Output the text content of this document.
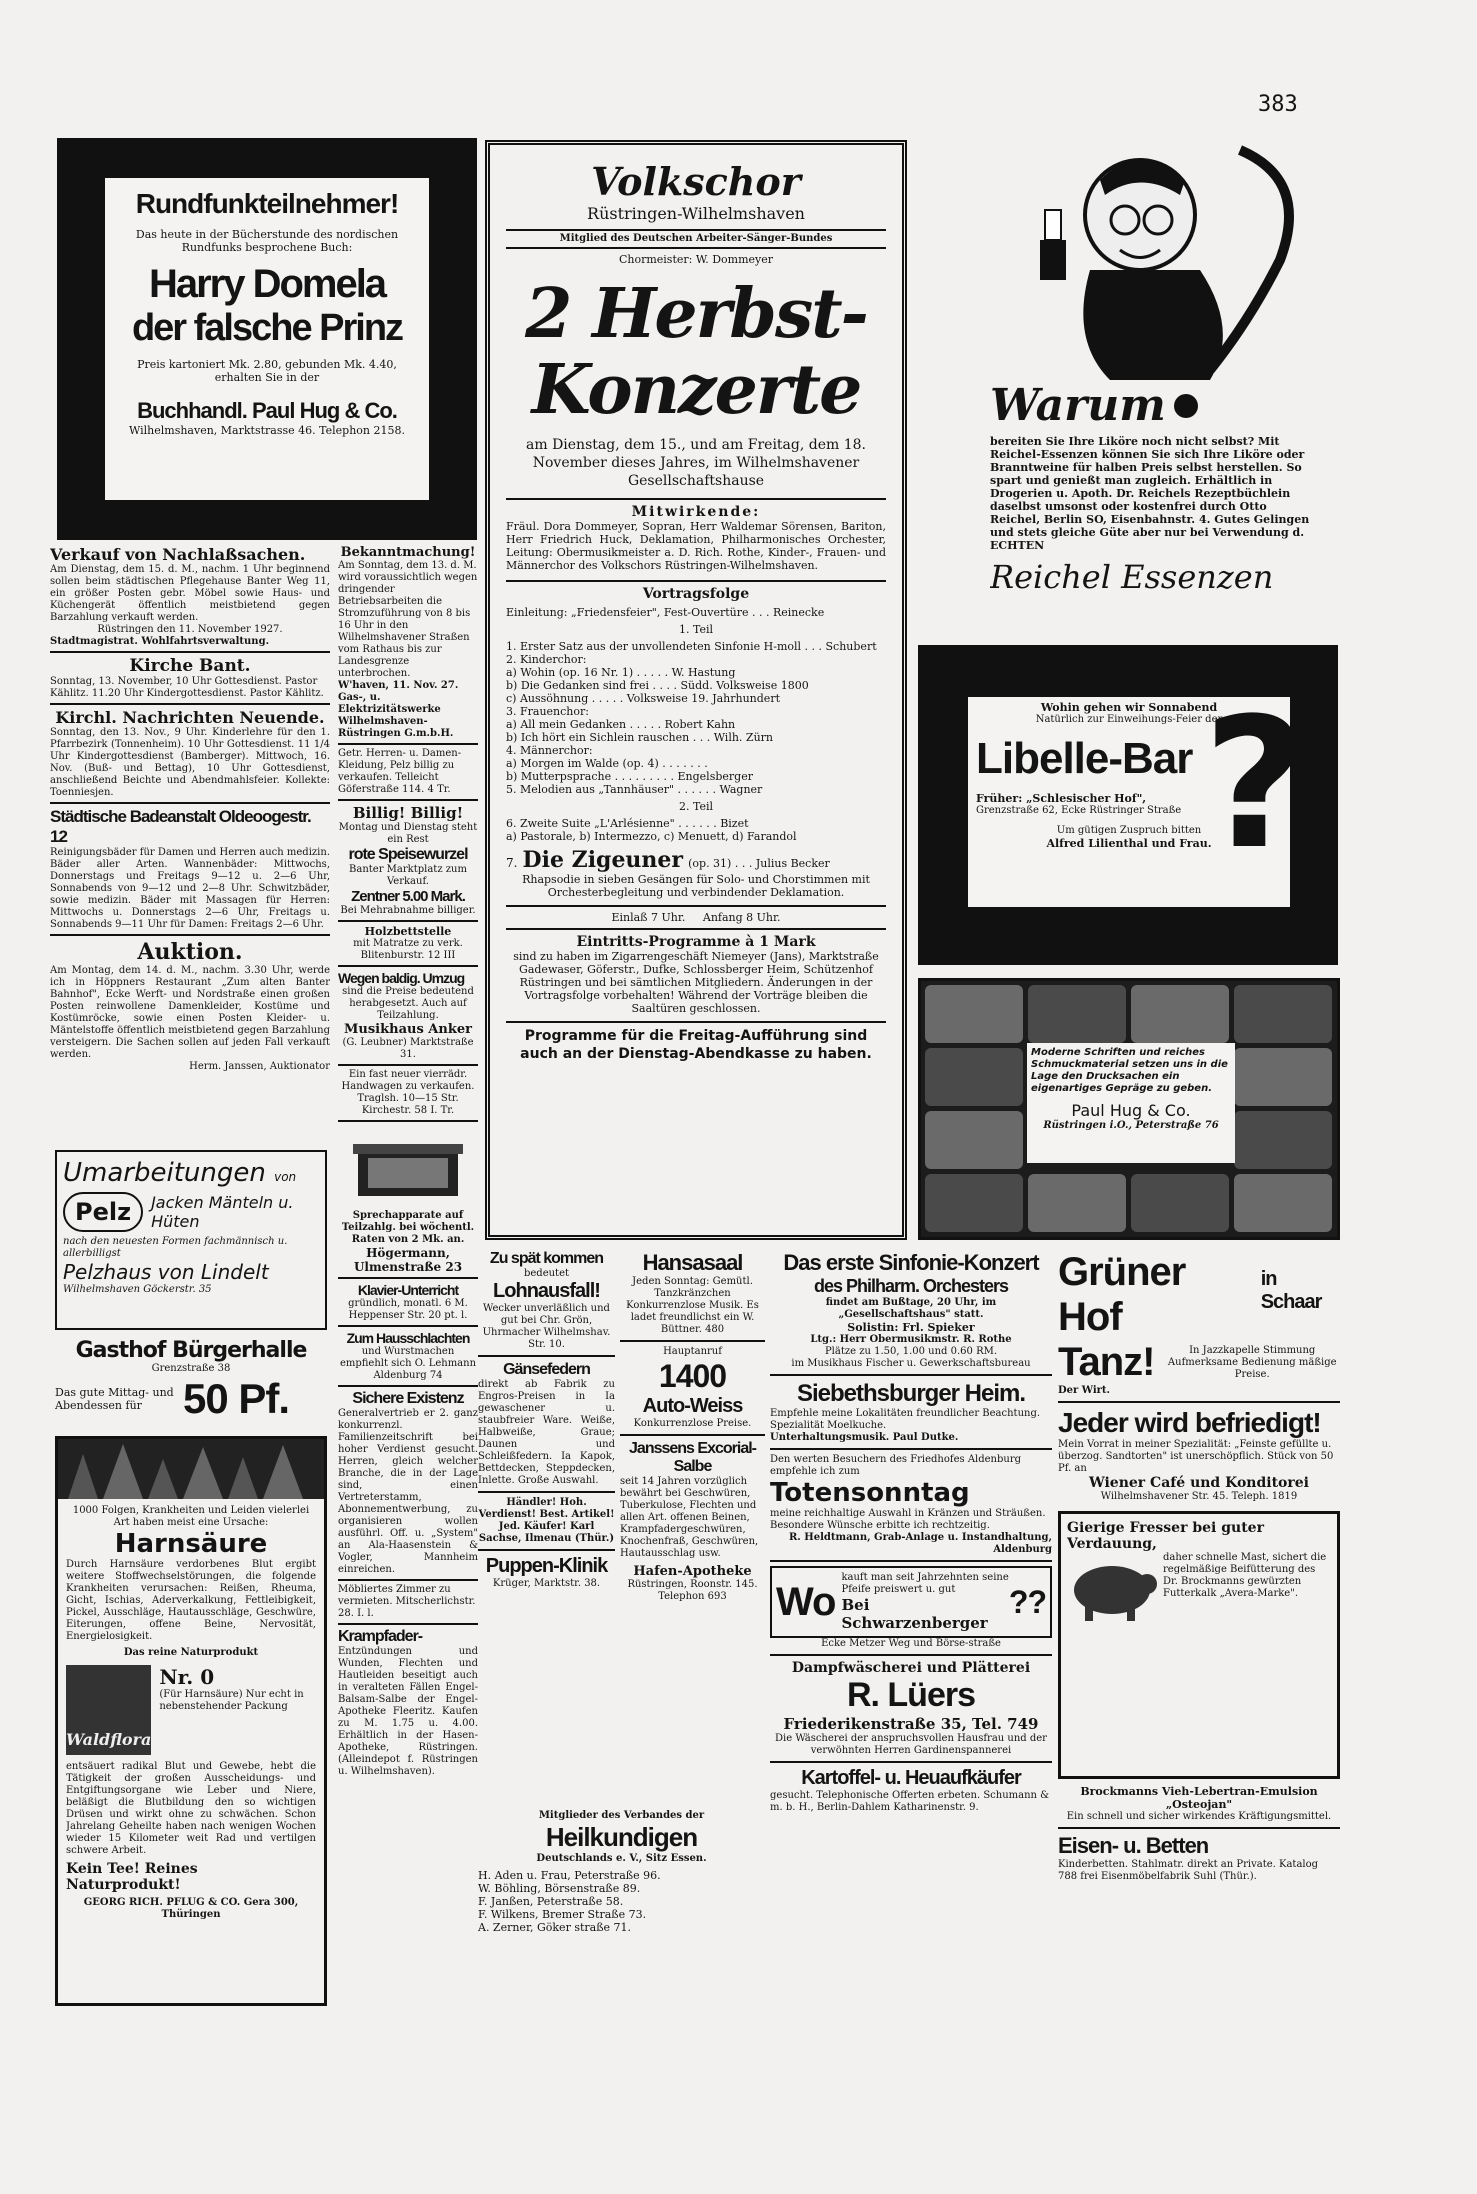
383
Rundfunkteilnehmer!
Das heute in der Bücherstunde des nordischen Rundfunks besprochene Buch:
Harry Domela
der falsche Prinz
Preis kartoniert Mk. 2.80, gebunden Mk. 4.40, erhalten Sie in der
Buchhandl. Paul Hug & Co.
Wilhelmshaven, Marktstrasse 46. Telephon 2158.
Verkauf von Nachlaßsachen.
Am Dienstag, dem 15. d. M., nachm. 1 Uhr beginnend sollen beim städtischen Pflegehause Banter Weg 11, ein größer Posten gebr. Möbel sowie Haus- und Küchengerät öffentlich meistbietend gegen Barzahlung verkauft werden.
Rüstringen den 11. November 1927.
Stadtmagistrat. Wohlfahrtsverwaltung.
Kirche Bant.
Sonntag, 13. November, 10 Uhr Gottesdienst. Pastor Kählitz. 11.20 Uhr Kindergottesdienst. Pastor Kählitz.
Kirchl. Nachrichten Neuende.
Sonntag, den 13. Nov., 9 Uhr. Kinderlehre für den 1. Pfarrbezirk (Tonnenheim). 10 Uhr Gottesdienst. 11 1/4 Uhr Kindergottesdienst (Bamberger). Mittwoch, 16. Nov. (Buß- und Bettag), 10 Uhr Gottesdienst, anschließend Beichte und Abendmahlsfeier. Kollekte: Toenniesjen.
Städtische Badeanstalt Oldeoogestr. 12
Reinigungsbäder für Damen und Herren auch medizin. Bäder aller Arten. Wannenbäder: Mittwochs, Donnerstags und Freitags 9—12 u. 2—6 Uhr, Sonnabends von 9—12 und 2—8 Uhr. Schwitzbäder, sowie medizin. Bäder mit Massagen für Herren: Mittwochs u. Donnerstags 2—6 Uhr, Freitags u. Sonnabends 9—11 Uhr für Damen: Freitags 2—6 Uhr.
Auktion.
Am Montag, dem 14. d. M., nachm. 3.30 Uhr, werde ich in Höppners Restaurant „Zum alten Banter Bahnhof", Ecke Werft- und Nordstraße einen großen Posten reinwollene Damenkleider, Kostüme und Kostümröcke, sowie einen Posten Kleider- u. Mäntelstoffe öffentlich meistbietend gegen Barzahlung versteigern. Die Sachen sollen auf jeden Fall verkauft werden.
Herm. Janssen, Auktionator
Umarbeitungen von
Pelz	Jacken Mänteln u. Hüten
nach den neuesten Formen fachmännisch u. allerbilligst
Pelzhaus von Lindelt
Wilhelmshaven Göckerstr. 35
Gasthof Bürgerhalle
Grenzstraße 38
Das gute Mittag- und Abendessen für 50 Pf.
1000 Folgen, Krankheiten und Leiden vielerlei Art haben meist eine Ursache:
Harnsäure
Durch Harnsäure verdorbenes Blut ergibt weitere Stoffwechselstörungen, die folgende Krankheiten verursachen: Reißen, Rheuma, Gicht, Ischias, Aderverkalkung, Fettleibigkeit, Pickel, Ausschläge, Hautausschläge, Geschwüre, Eiterungen, offene Beine, Nervosität, Energielosigkeit.
Das reine Naturprodukt
Waldflora
Nr. 0
(Für Harnsäure) Nur echt in nebenstehender Packung
entsäuert radikal Blut und Gewebe, hebt die Tätigkeit der großen Ausscheidungs- und Entgiftungsorgane wie Leber und Niere, beläßigt die Blutbildung den so wichtigen Drüsen und wirkt ohne zu schwächen. Schon Jahrelang Geheilte haben nach wenigen Wochen wieder 15 Kilometer weit Rad und vertilgen schwere Arbeit.
Kein Tee! Reines Naturprodukt!
GEORG RICH. PFLUG & CO. Gera 300, Thüringen
Bekanntmachung!
Am Sonntag, dem 13. d. M. wird voraussichtlich wegen dringender Betriebsarbeiten die Stromzuführung von 8 bis 16 Uhr in den Wilhelmshavener Straßen vom Rathaus bis zur Landesgrenze unterbrochen.
W'haven, 11. Nov. 27. Gas-, u. Elektrizitätswerke Wilhelmshaven-Rüstringen G.m.b.H.
Getr. Herren- u. Damen-Kleidung, Pelz billig zu verkaufen. Telleicht Göferstraße 114. 4 Tr.
Billig! Billig!
Montag und Dienstag steht ein Rest
rote Speisewurzel
Banter Marktplatz zum Verkauf.
Zentner 5.00 Mark.
Bei Mehrabnahme billiger.
Holzbettstelle
mit Matratze zu verk. Blitenburstr. 12 III
Wegen baldig. Umzug
sind die Preise bedeutend herabgesetzt. Auch auf Teilzahlung.
Musikhaus Anker
(G. Leubner) Marktstraße 31.
Ein fast neuer vierrädr. Handwagen zu verkaufen.
Traglsh. 10—15 Str. Kirchestr. 58 I. Tr.
Sprechapparate auf Teilzahlg. bei wöchentl. Raten von 2 Mk. an.
Högermann, Ulmenstraße 23
Klavier-Unterricht
gründlich, monatl. 6 M. Heppenser Str. 20 pt. l.
Zum Hausschlachten
und Wurstmachen empfiehlt sich O. Lehmann Aldenburg 74
Sichere Existenz
Generalvertrieb er 2. ganz konkurrenzl. Familienzeitschrift bei hoher Verdienst gesucht. Herren, gleich welcher Branche, die in der Lage sind, einen Vertreterstamm, Abonnementwerbung, zu organisieren wollen ausführl. Off. u. „System" an Ala-Haasenstein & Vogler, Mannheim einreichen.
Möbliertes Zimmer zu vermieten. Mitscherlichstr. 28. I. l.
Krampfader-
Entzündungen und Wunden, Flechten und Hautleiden beseitigt auch in veralteten Fällen Engel-Balsam-Salbe der Engel-Apotheke Fleeritz. Kaufen zu M. 1.75 u. 4.00. Erhältlich in der Hasen-Apotheke, Rüstringen. (Alleindepot f. Rüstringen u. Wilhelmshaven).
Volkschor
Rüstringen-Wilhelmshaven
Mitglied des Deutschen Arbeiter-Sänger-Bundes
Chormeister: W. Dommeyer
2 Herbst-
Konzerte
am Dienstag, dem 15., und am Freitag, dem 18. November dieses Jahres, im Wilhelmshavener Gesellschaftshause
Mitwirkende:
Fräul. Dora Dommeyer, Sopran, Herr Waldemar Sörensen, Bariton, Herr Friedrich Huck, Deklamation, Philharmonisches Orchester, Leitung: Obermusikmeister a. D. Rich. Rothe, Kinder-, Frauen- und Männerchor des Volkschors Rüstringen-Wilhelmshaven.
Vortragsfolge
Einleitung: „Friedensfeier", Fest-Ouvertüre . . . Reinecke
1. Teil
1. Erster Satz aus der unvollendeten Sinfonie H-moll . . . Schubert
2. Kinderchor:
a) Wohin (op. 16 Nr. 1) . . . . . W. Hastung
b) Die Gedanken sind frei . . . . Südd. Volksweise 1800
c) Aussöhnung . . . . . Volksweise 19. Jahrhundert
3. Frauenchor:
a) All mein Gedanken . . . . . Robert Kahn
b) Ich hört ein Sichlein rauschen . . . Wilh. Zürn
4. Männerchor:
a) Morgen im Walde (op. 4) . . . . . . .
b) Mutterpsprache . . . . . . . . . Engelsberger
5. Melodien aus „Tannhäuser" . . . . . . Wagner
2. Teil
6. Zweite Suite „L'Arlésienne" . . . . . . Bizet
a) Pastorale, b) Intermezzo, c) Menuett, d) Farandol
7. Die Zigeuner (op. 31) . . . Julius Becker
Rhapsodie in sieben Gesängen für Solo- und Chorstimmen mit Orchesterbegleitung und verbindender Deklamation.
Einlaß 7 Uhr.     Anfang 8 Uhr.
Eintritts-Programme à 1 Mark
sind zu haben im Zigarrengeschäft Niemeyer (Jans), Marktstraße Gadewaser, Göferstr., Dufke, Schlossberger Heim, Schützenhof Rüstringen und bei sämtlichen Mitgliedern. Änderungen in der Vortragsfolge vorbehalten! Während der Vorträge bleiben die Saaltüren geschlossen.
Programme für die Freitag-Aufführung sind auch an der Dienstag-Abendkasse zu haben.
Warum
bereiten Sie Ihre Liköre noch nicht selbst? Mit Reichel-Essenzen können Sie sich Ihre Liköre oder Branntweine für halben Preis selbst herstellen. So spart und genießt man zugleich. Erhältlich in Drogerien u. Apoth. Dr. Reichels Rezeptbüchlein daselbst umsonst oder kostenfrei durch Otto Reichel, Berlin SO, Eisenbahnstr. 4. Gutes Gelingen und stets gleiche Güte aber nur bei Verwendung d. ECHTEN
Reichel Essenzen
Wohin gehen wir Sonnabend
Natürlich zur Einweihungs-Feier der
Libelle-Bar
Früher: „Schlesischer Hof",
Grenzstraße 62, Ecke Rüstringer Straße
Um gütigen Zuspruch bitten
Alfred Lilienthal und Frau.
?
Moderne Schriften und reiches Schmuckmaterial setzen uns in die Lage den Drucksachen ein eigenartiges Gepräge zu geben.
Paul Hug & Co.
Rüstringen i.O., Peterstraße 76
Zu spät kommen
bedeutet
Lohnausfall!
Wecker unverläßlich und gut bei Chr. Grön, Uhrmacher Wilhelmshav. Str. 10.
Gänsefedern
direkt ab Fabrik zu Engros-Preisen in Ia gewaschener u. staubfreier Ware. Weiße, Halbweiße, Graue; Daunen und Schleißfedern. Ia Kapok, Bettdecken, Steppdecken, Inlette. Große Auswahl.
Händler! Hoh. Verdienst! Best. Artikel! Jed. Käufer! Karl Sachse, Ilmenau (Thür.)
Puppen-Klinik
Krüger, Marktstr. 38.
Hansasaal
Jeden Sonntag: Gemütl. Tanzkränzchen Konkurrenzlose Musik. Es ladet freundlichst ein W. Büttner. 480
Hauptanruf
1400
Auto-Weiss
Konkurrenzlose Preise.
Janssens Excorial-Salbe
seit 14 Jahren vorzüglich bewährt bei Geschwüren, Tuberkulose, Flechten und allen Art. offenen Beinen, Krampfadergeschwüren, Knochenfraß, Geschwüren, Hautausschlag usw.
Hafen-Apotheke
Rüstringen, Roonstr. 145. Telephon 693
Mitglieder des Verbandes der
Heilkundigen
Deutschlands e. V., Sitz Essen.
H. Aden u. Frau, Peterstraße 96.
W. Böhling, Börsenstraße 89.
F. Janßen, Peterstraße 58.
F. Wilkens, Bremer Straße 73.
A. Zerner, Göker straße 71.
Das erste Sinfonie-Konzert
des Philharm. Orchesters
findet am Bußtage, 20 Uhr, im „Gesellschaftshaus" statt.
Solistin: Frl. Spieker
Ltg.: Herr Obermusikmstr. R. Rothe
Plätze zu 1.50, 1.00 und 0.60 RM.
im Musikhaus Fischer u. Gewerkschaftsbureau
Siebethsburger Heim.
Empfehle meine Lokalitäten freundlicher Beachtung. Spezialität Moelkuche.
Unterhaltungsmusik. Paul Dutke.
Den werten Besuchern des Friedhofes Aldenburg empfehle ich zum
Totensonntag
meine reichhaltige Auswahl in Kränzen und Sträußen. Besondere Wünsche erbitte ich rechtzeitig.
R. Heldtmann, Grab-Anlage u. Instandhaltung, Aldenburg
Wo
kauft man seit Jahrzehnten seine Pfeife preiswert u. gut
Bei Schwarzenberger
??
Ecke Metzer Weg und Börse-straße
Dampfwäscherei und Plätterei
R. Lüers
Friederikenstraße 35, Tel. 749
Die Wäscherei der anspruchsvollen Hausfrau und der verwöhnten Herren Gardinenspannerei
Kartoffel- u. Heuaufkäufer
gesucht. Telephonische Offerten erbeten. Schumann & m. b. H., Berlin-Dahlem Katharinenstr. 9.
Grüner Hof
in Schaar
Tanz!	In Jazzkapelle Stimmung Aufmerksame Bedienung mäßige Preise.
Der Wirt.
Jeder wird befriedigt!
Mein Vorrat in meiner Spezialität: „Feinste gefüllte u. überzog. Sandtorten" ist unerschöpflich. Stück von 50 Pf. an
Wiener Café und Konditorei
Wilhelmshavener Str. 45. Teleph. 1819
Gierige Fresser bei guter Verdauung,
daher schnelle Mast, sichert die regelmäßige Beifütterung des Dr. Brockmanns gewürzten Futterkalk „Avera-Marke".
Brockmanns Vieh-Lebertran-Emulsion „Osteojan"
Ein schnell und sicher wirkendes Kräftigungsmittel.
Eisen- u. Betten
Kinderbetten. Stahlmatr. direkt an Private. Katalog 788 frei Eisenmöbelfabrik Suhl (Thür.).
